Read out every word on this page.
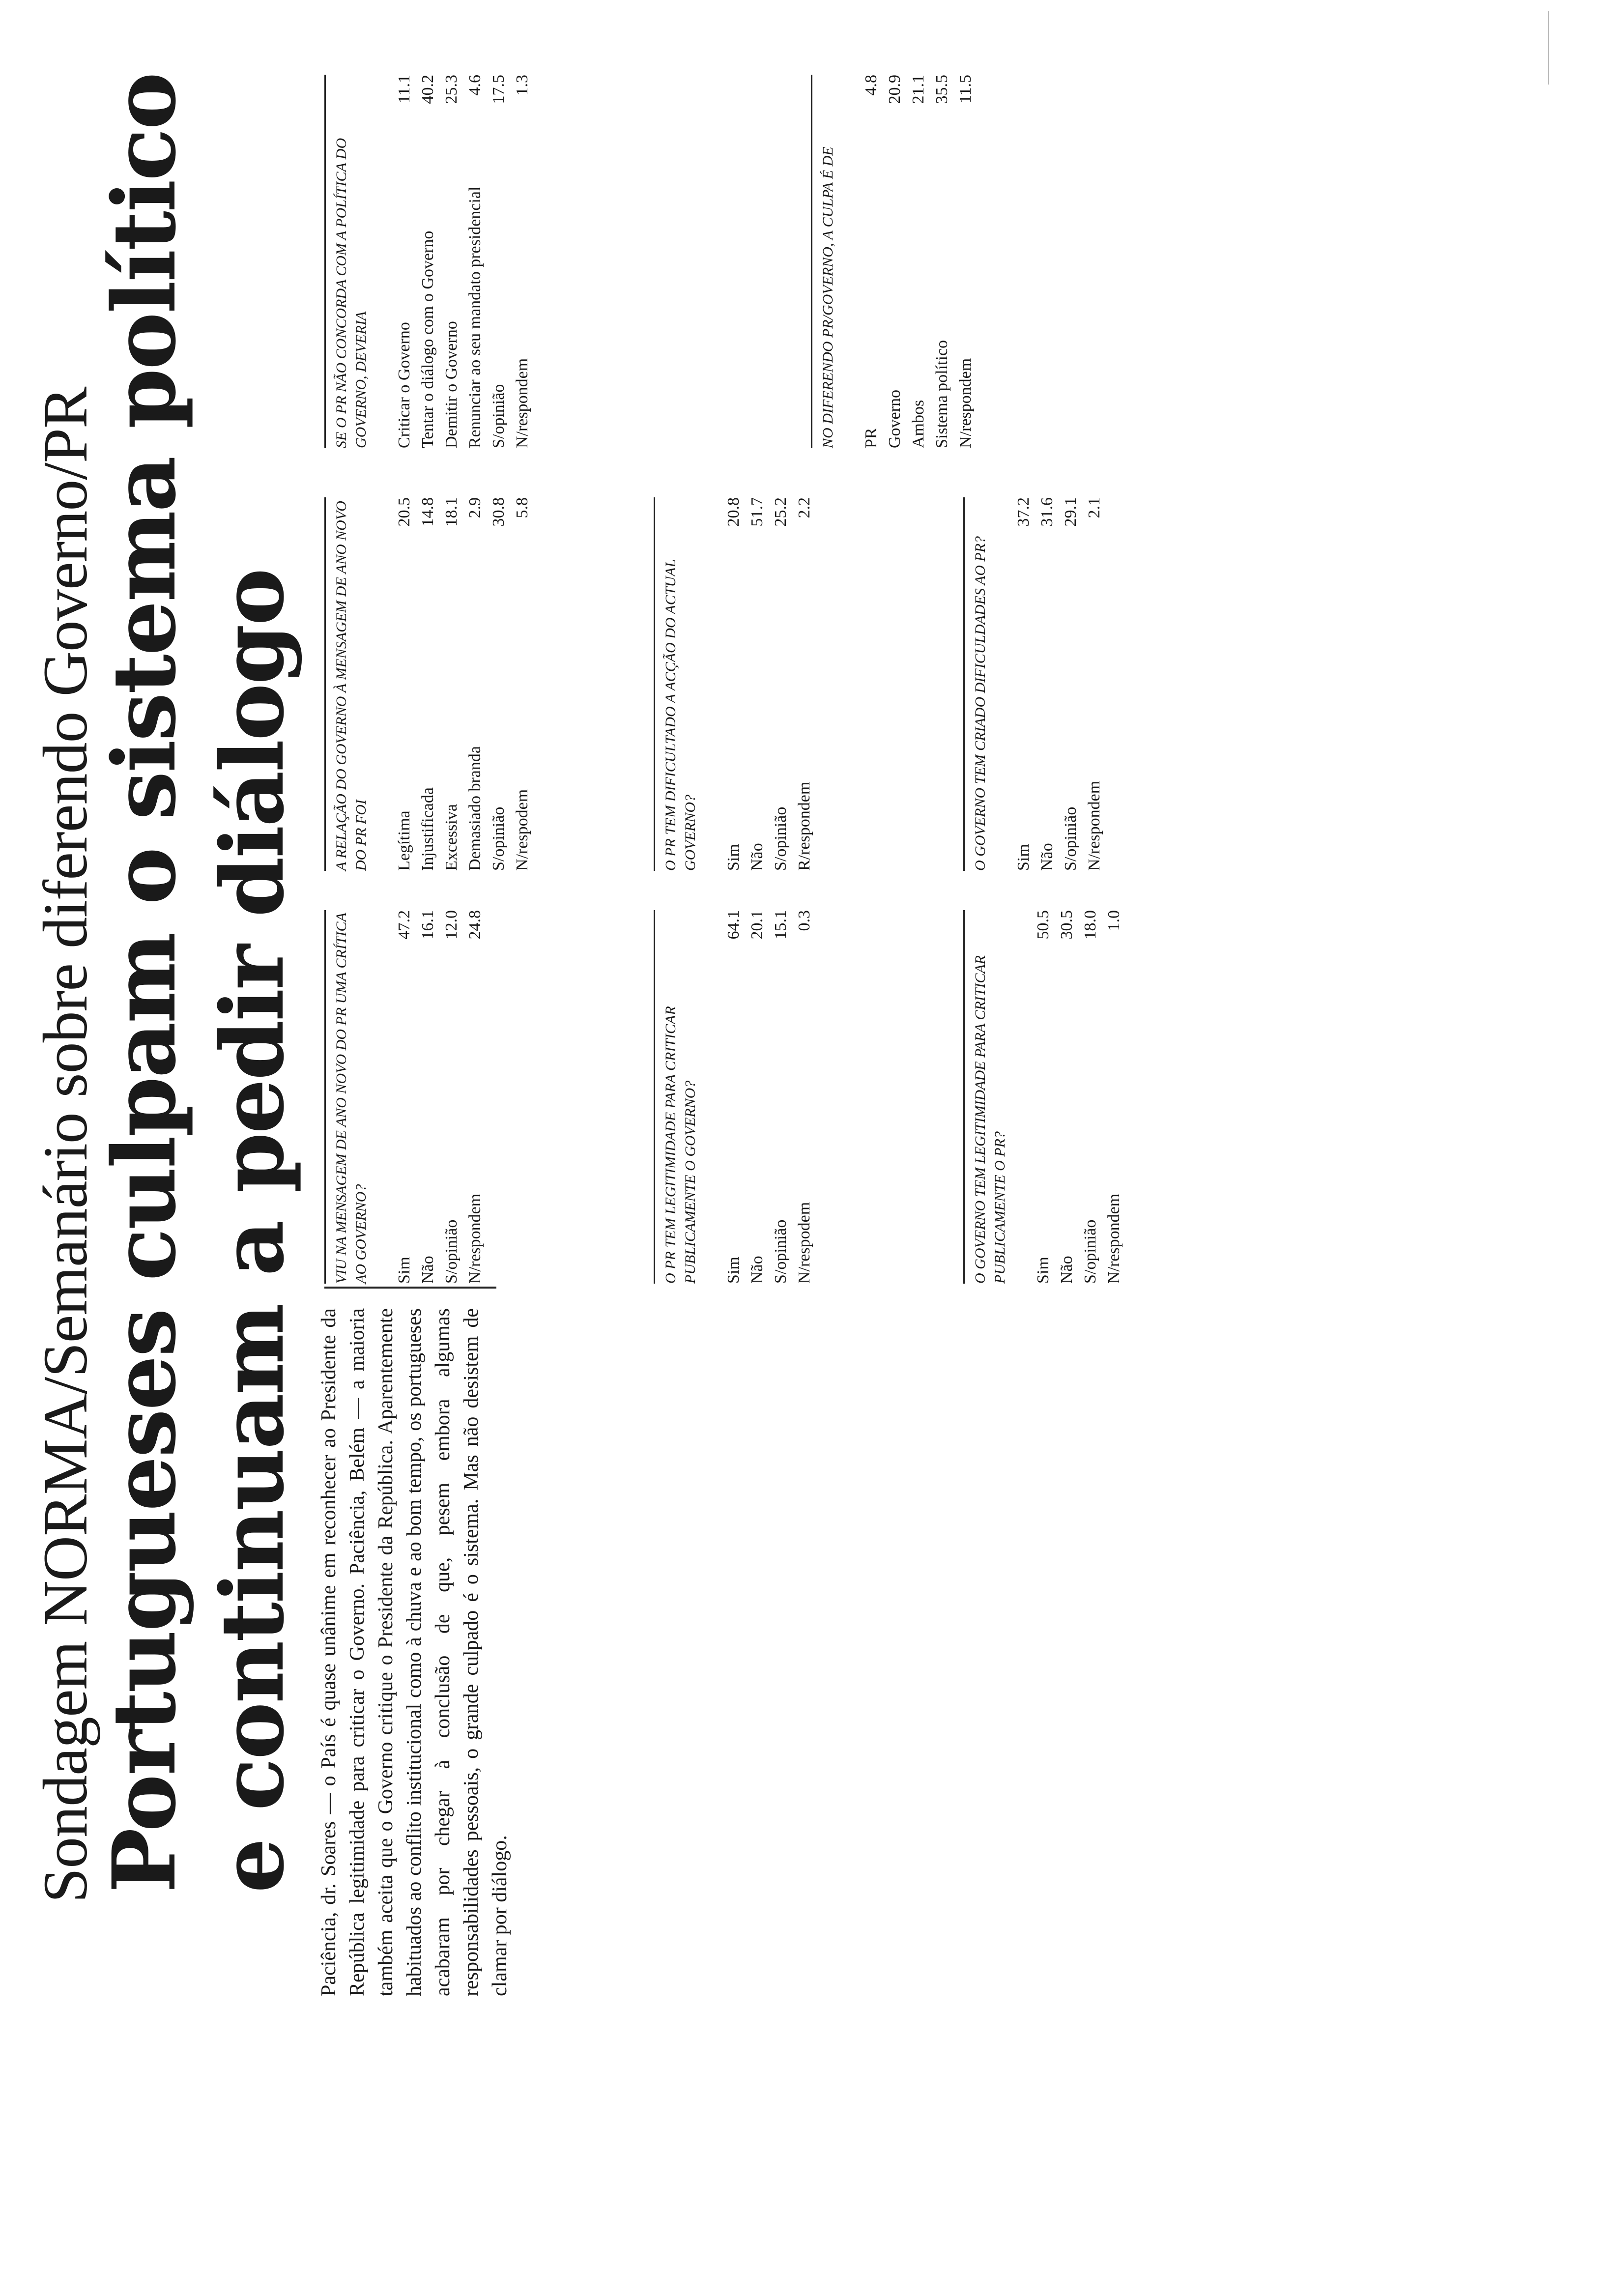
Sondagem NORMA/Semanário sobre diferendo Governo/PR
Portugueses culpam o sistema político e continuam a pedir diálogo Paciência, dr. Soares — o País é quase unânime em reconhecer ao Presidente da República legitimidade para criticar o Governo. Paciência, Belém — a maioria também aceita que o Governo critique o Presidente da República. Aparentemente habituados ao conflito institucional como à chuva e ao bom tempo, os portugueses acabaram por chegar à conclusão de que, pesem embora algumas responsabilidades pessoais, o grande culpado é o sistema. Mas não desistem de clamar por diálogo.
VIU NA MENSAGEM DE ANO NOVO DO PR UMA CRÍTICA AO GOVERNO? Sim
47.2
Não
16.1
S/opinião
12.0
N/respondem
24.8
O PR TEM LEGITIMIDADE PARA CRITICAR PUBLICAMENTE O GOVERNO? Sim
64.1
Não
20.1
S/opinião
15.1
N/respodem
0.3
O GOVERNO TEM LEGITIMIDADE PARA CRITICAR PUBLICAMENTE O PR? Sim
50.5
Não
30.5
S/opinião
18.0
N/respondem
1.0
A RELAÇÃO DO GOVERNO À MENSAGEM DE ANO NOVO DO PR FOI Legítima
20.5
Injustificada
14.8
Excessiva
18.1
Demasiado branda
2.9
S/opinião
30.8
N/respodem
5.8
O PR TEM DIFICULTADO A ACÇÃO DO ACTUAL GOVERNO? Sim
20.8
Não
51.7
S/opinião
25.2
R/respondem
2.2
O GOVERNO TEM CRIADO DIFICULDADES AO PR? Sim
37.2
Não
31.6
S/opinião
29.1
N/respondem
2.1
SE O PR NÃO CONCORDA COM A POLÍTICA DO GOVERNO, DEVERIA Criticar o Governo
11.1
Tentar o diálogo com o Governo
40.2
Demitir o Governo
25.3
Renunciar ao seu mandato presidencial
4.6
S/opinião
17.5
N/respondem
1.3
NO DIFERENDO PR/GOVERNO, A CULPA É DE PR
4.8
Governo
20.9
Ambos
21.1
Sistema político
35.5
N/respondem
11.5
